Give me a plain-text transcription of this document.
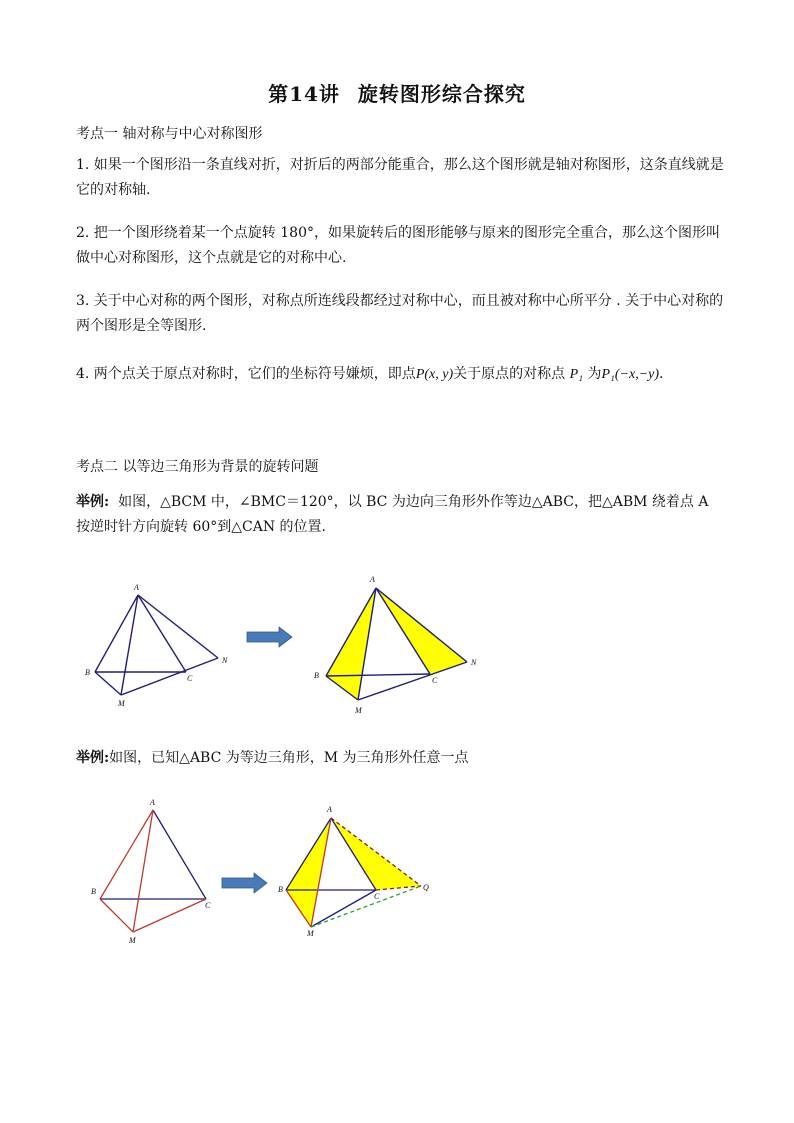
第14讲 旋转图形综合探究
考点一 轴对称与中心对称图形
1. 如果一个图形沿一条直线对折，对折后的两部分能重合，那么这个图形就是轴对称图形，这条直线就是它的对称轴.
2. 把一个图形绕着某一个点旋转 180°，如果旋转后的图形能够与原来的图形完全重合，那么这个图形叫做中心对称图形，这个点就是它的对称中心.
3. 关于中心对称的两个图形，对称点所连线段都经过对称中心，而且被对称中心所平分 . 关于中心对称的两个图形是全等图形.
4. 两个点关于原点对称时，它们的坐标符号嫌烦，即点P(x, y)关于原点的对称点 P₁ 为P₁(−x,−y).
考点二 以等边三角形为背景的旋转问题
举例: 如图，△BCM 中，∠BMC＝120°，以 BC 为边向三角形外作等边△ABC，把△ABM 绕着点 A 按逆时针方向旋转 60°到△CAN 的位置.
A
B
C
M
N
A
B
C
M
N
举例:如图，已知△ABC 为等边三角形，M 为三角形外任意一点
A
B
C
M
A
B
C
M
Q
